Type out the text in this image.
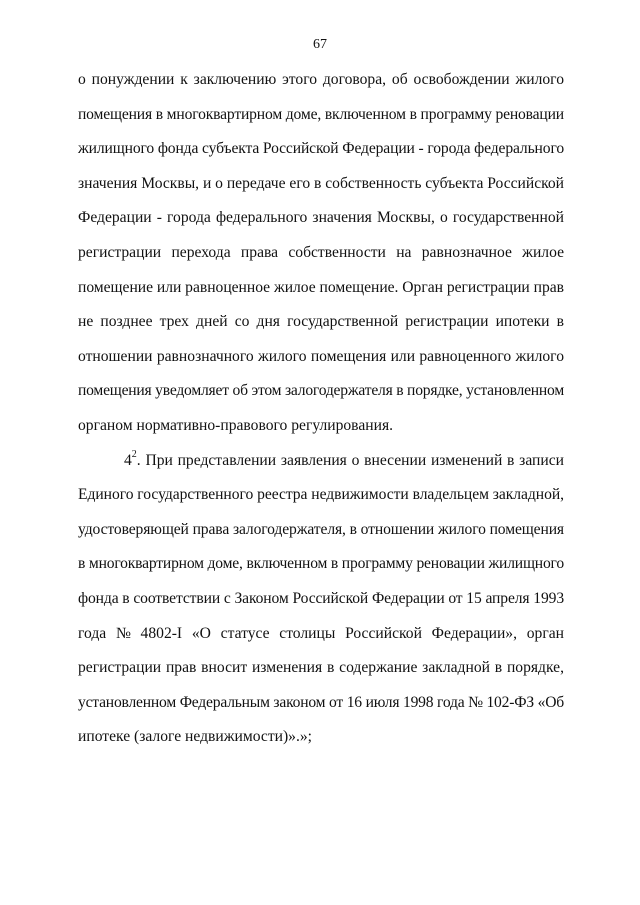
67
о понуждении к заключению этого договора, об освобождении жилого
помещения в многоквартирном доме, включенном в программу реновации
жилищного фонда субъекта Российской Федерации - города федерального
значения Москвы, и о передаче его в собственность субъекта Российской
Федерации - города федерального значения Москвы, о государственной
регистрации перехода права собственности на равнозначное жилое
помещение или равноценное жилое помещение. Орган регистрации прав
не позднее трех дней со дня государственной регистрации ипотеки в
отношении равнозначного жилого помещения или равноценного жилого
помещения уведомляет об этом залогодержателя в порядке, установленном
органом нормативно-правового регулирования.
$4^2$. При представлении заявления о внесении изменений в записи
Единого государственного реестра недвижимости владельцем закладной,
удостоверяющей права залогодержателя, в отношении жилого помещения
в многоквартирном доме, включенном в программу реновации жилищного
фонда в соответствии с Законом Российской Федерации от 15 апреля 1993
года № 4802-I «О статусе столицы Российской Федерации», орган
регистрации прав вносит изменения в содержание закладной в порядке,
установленном Федеральным законом от 16 июля 1998 года № 102-ФЗ «Об
ипотеке (залоге недвижимости)».»;
